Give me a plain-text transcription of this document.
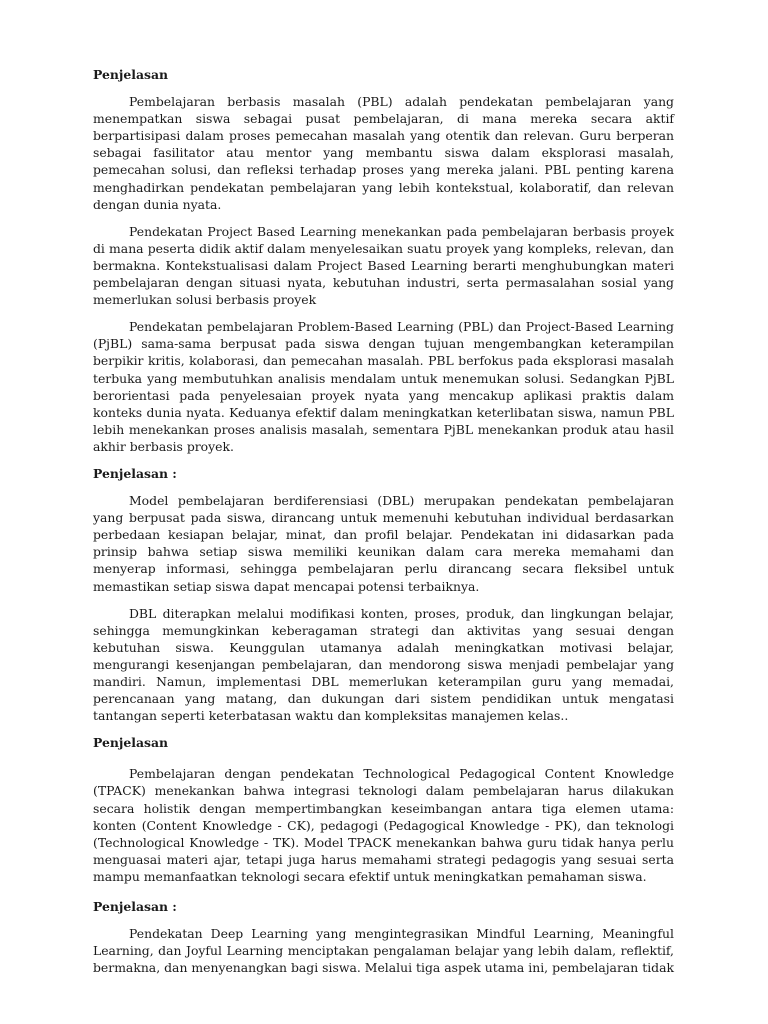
Penjelasan

Pembelajaran berbasis masalah (PBL) adalah pendekatan pembelajaran yang menempatkan siswa sebagai pusat pembelajaran, di mana mereka secara aktif berpartisipasi dalam proses pemecahan masalah yang otentik dan relevan. Guru berperan sebagai fasilitator atau mentor yang membantu siswa dalam eksplorasi masalah, pemecahan solusi, dan refleksi terhadap proses yang mereka jalani. PBL penting karena menghadirkan pendekatan pembelajaran yang lebih kontekstual, kolaboratif, dan relevan dengan dunia nyata.

Pendekatan Project Based Learning menekankan pada pembelajaran berbasis proyek di mana peserta didik aktif dalam menyelesaikan suatu proyek yang kompleks, relevan, dan bermakna. Kontekstualisasi dalam Project Based Learning berarti menghubungkan materi pembelajaran dengan situasi nyata, kebutuhan industri, serta permasalahan sosial yang memerlukan solusi berbasis proyek

Pendekatan pembelajaran Problem-Based Learning (PBL) dan Project-Based Learning (PjBL) sama-sama berpusat pada siswa dengan tujuan mengembangkan keterampilan berpikir kritis, kolaborasi, dan pemecahan masalah. PBL berfokus pada eksplorasi masalah terbuka yang membutuhkan analisis mendalam untuk menemukan solusi. Sedangkan PjBL berorientasi pada penyelesaian proyek nyata yang mencakup aplikasi praktis dalam konteks dunia nyata. Keduanya efektif dalam meningkatkan keterlibatan siswa, namun PBL lebih menekankan proses analisis masalah, sementara PjBL menekankan produk atau hasil akhir berbasis proyek.

Penjelasan :

Model pembelajaran berdiferensiasi (DBL) merupakan pendekatan pembelajaran yang berpusat pada siswa, dirancang untuk memenuhi kebutuhan individual berdasarkan perbedaan kesiapan belajar, minat, dan profil belajar. Pendekatan ini didasarkan pada prinsip bahwa setiap siswa memiliki keunikan dalam cara mereka memahami dan menyerap informasi, sehingga pembelajaran perlu dirancang secara fleksibel untuk memastikan setiap siswa dapat mencapai potensi terbaiknya.

DBL diterapkan melalui modifikasi konten, proses, produk, dan lingkungan belajar, sehingga memungkinkan keberagaman strategi dan aktivitas yang sesuai dengan kebutuhan siswa. Keunggulan utamanya adalah meningkatkan motivasi belajar, mengurangi kesenjangan pembelajaran, dan mendorong siswa menjadi pembelajar yang mandiri. Namun, implementasi DBL memerlukan keterampilan guru yang memadai, perencanaan yang matang, dan dukungan dari sistem pendidikan untuk mengatasi tantangan seperti keterbatasan waktu dan kompleksitas manajemen kelas..

Penjelasan

Pembelajaran dengan pendekatan Technological Pedagogical Content Knowledge (TPACK) menekankan bahwa integrasi teknologi dalam pembelajaran harus dilakukan secara holistik dengan mempertimbangkan keseimbangan antara tiga elemen utama: konten (Content Knowledge - CK), pedagogi (Pedagogical Knowledge - PK), dan teknologi (Technological Knowledge - TK). Model TPACK menekankan bahwa guru tidak hanya perlu menguasai materi ajar, tetapi juga harus memahami strategi pedagogis yang sesuai serta mampu memanfaatkan teknologi secara efektif untuk meningkatkan pemahaman siswa.

Penjelasan :

Pendekatan Deep Learning yang mengintegrasikan Mindful Learning, Meaningful Learning, dan Joyful Learning menciptakan pengalaman belajar yang lebih dalam, reflektif, bermakna, dan menyenangkan bagi siswa. Melalui tiga aspek utama ini, pembelajaran tidak
